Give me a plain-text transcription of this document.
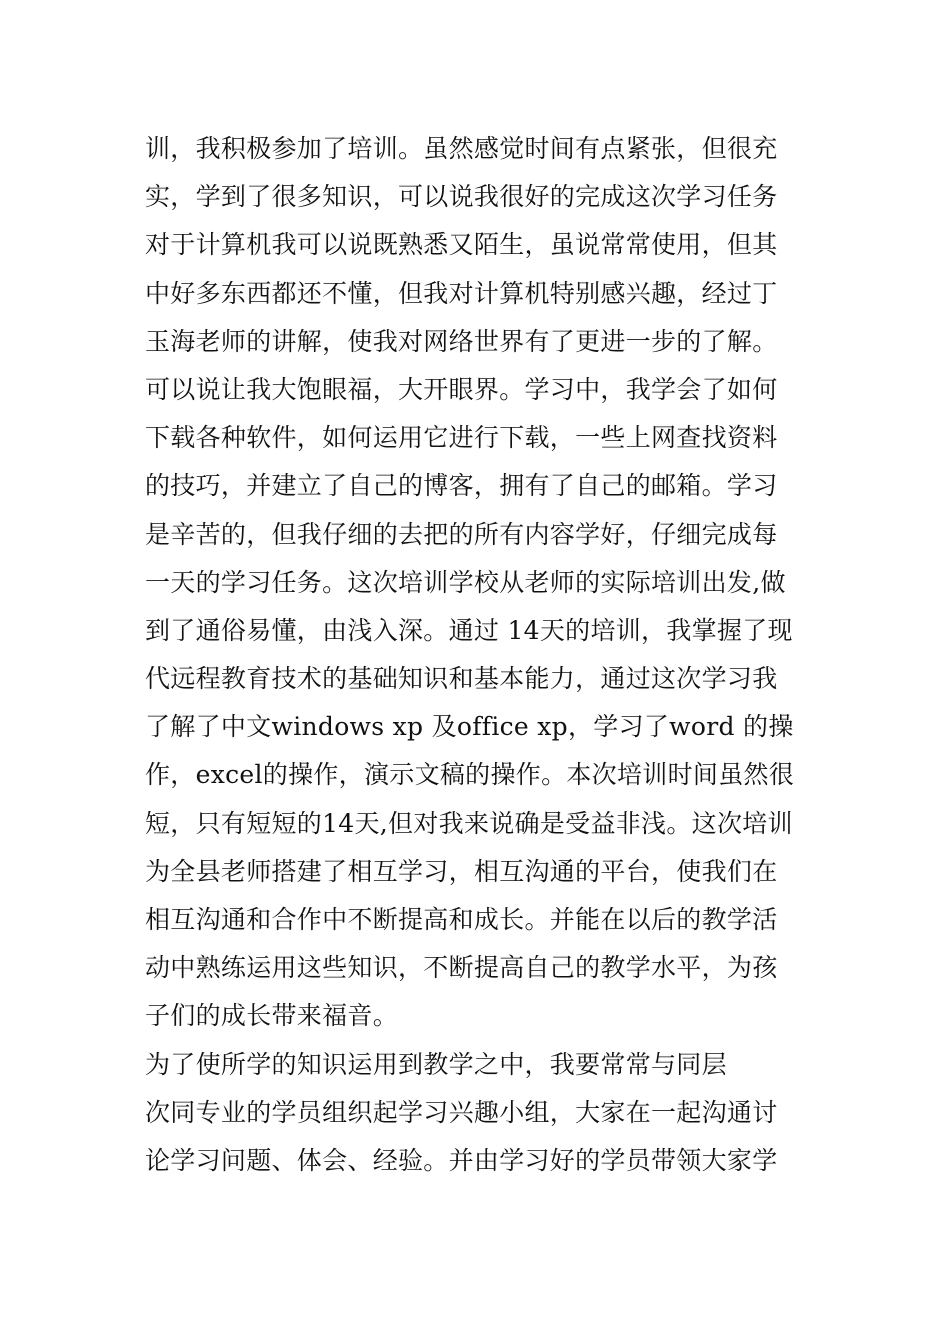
训，我积极参加了培训。虽然感觉时间有点紧张，但很充
实，学到了很多知识，可以说我很好的完成这次学习任务
对于计算机我可以说既熟悉又陌生，虽说常常使用，但其
中好多东西都还不懂，但我对计算机特别感兴趣，经过丁
玉海老师的讲解，使我对网络世界有了更进一步的了解。
可以说让我大饱眼福，大开眼界。学习中，我学会了如何
下载各种软件，如何运用它进行下载，一些上网查找资料
的技巧，并建立了自己的博客，拥有了自己的邮箱。学习
是辛苦的，但我仔细的去把的所有内容学好，仔细完成每
一天的学习任务。这次培训学校从老师的实际培训出发,做
到了通俗易懂，由浅入深。通过 14天的培训，我掌握了现
代远程教育技术的基础知识和基本能力，通过这次学习我
了解了中文windows xp 及office xp，学习了word 的操
作，excel的操作，演示文稿的操作。本次培训时间虽然很
短，只有短短的14天,但对我来说确是受益非浅。这次培训
为全县老师搭建了相互学习，相互沟通的平台，使我们在
相互沟通和合作中不断提高和成长。并能在以后的教学活
动中熟练运用这些知识，不断提高自己的教学水平，为孩
子们的成长带来福音。
为了使所学的知识运用到教学之中，我要常常与同层
次同专业的学员组织起学习兴趣小组，大家在一起沟通讨
论学习问题、体会、经验。并由学习好的学员带领大家学
